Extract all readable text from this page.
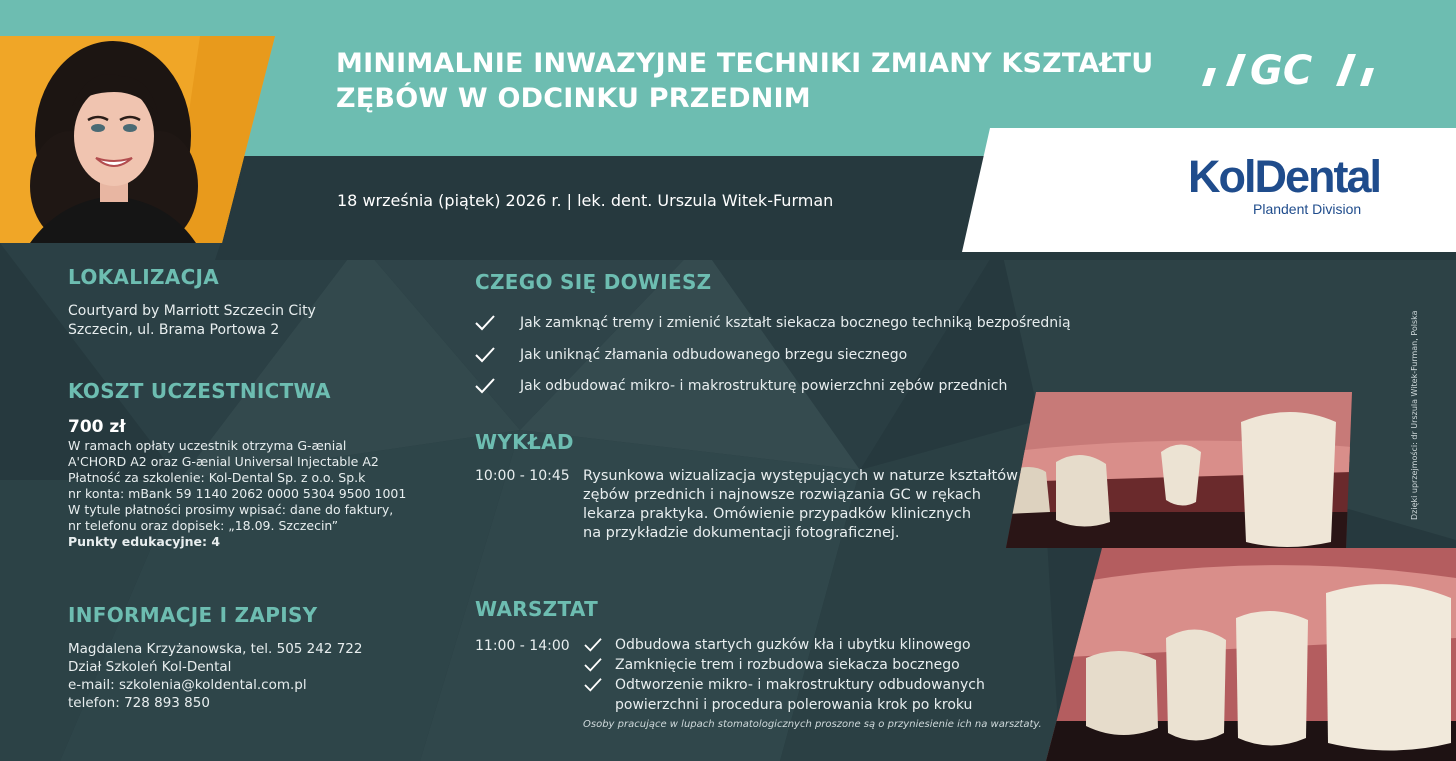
MINIMALNIE INWAZYJNE TECHNIKI ZMIANY KSZTAŁTU
ZĘBÓW W ODCINKU PRZEDNIM
GC
KolDental
Plandent Division
18 września (piątek) 2026 r. | lek. dent. Urszula Witek-Furman
LOKALIZACJA
Courtyard by Marriott Szczecin City
Szczecin, ul. Brama Portowa 2
KOSZT UCZESTNICTWA
700 zł
W ramach opłaty uczestnik otrzyma G-ænial
A'CHORD A2 oraz G-ænial Universal Injectable A2
Płatność za szkolenie: Kol-Dental Sp. z o.o. Sp.k
nr konta: mBank 59 1140 2062 0000 5304 9500 1001
W tytule płatności prosimy wpisać: dane do faktury,
nr telefonu oraz dopisek: „18.09. Szczecin”
Punkty edukacyjne: 4
INFORMACJE I ZAPISY
Magdalena Krzyżanowska, tel. 505 242 722
Dział Szkoleń Kol-Dental
e-mail: szkolenia@koldental.com.pl
telefon: 728 893 850
CZEGO SIĘ DOWIESZ
Jak zamknąć tremy i zmienić kształt siekacza bocznego techniką bezpośrednią
Jak uniknąć złamania odbudowanego brzegu siecznego
Jak odbudować mikro- i makrostrukturę powierzchni zębów przednich
WYKŁAD
10:00 - 10:45 Rysunkowa wizualizacja występujących w naturze kształtów
zębów przednich i najnowsze rozwiązania GC w rękach
lekarza praktyka. Omówienie przypadków klinicznych
na przykładzie dokumentacji fotograficznej.
WARSZTAT
11:00 - 14:00	Odbudowa startych guzków kła i ubytku klinowego
Zamknięcie trem i rozbudowa siekacza bocznego
Odtworzenie mikro- i makrostruktury odbudowanych
powierzchni i procedura polerowania krok po kroku
Osoby pracujące w lupach stomatologicznych proszone są o przyniesienie ich na warsztaty.
Dzięki uprzejmości: dr Urszula Witek-Furman, Polska
